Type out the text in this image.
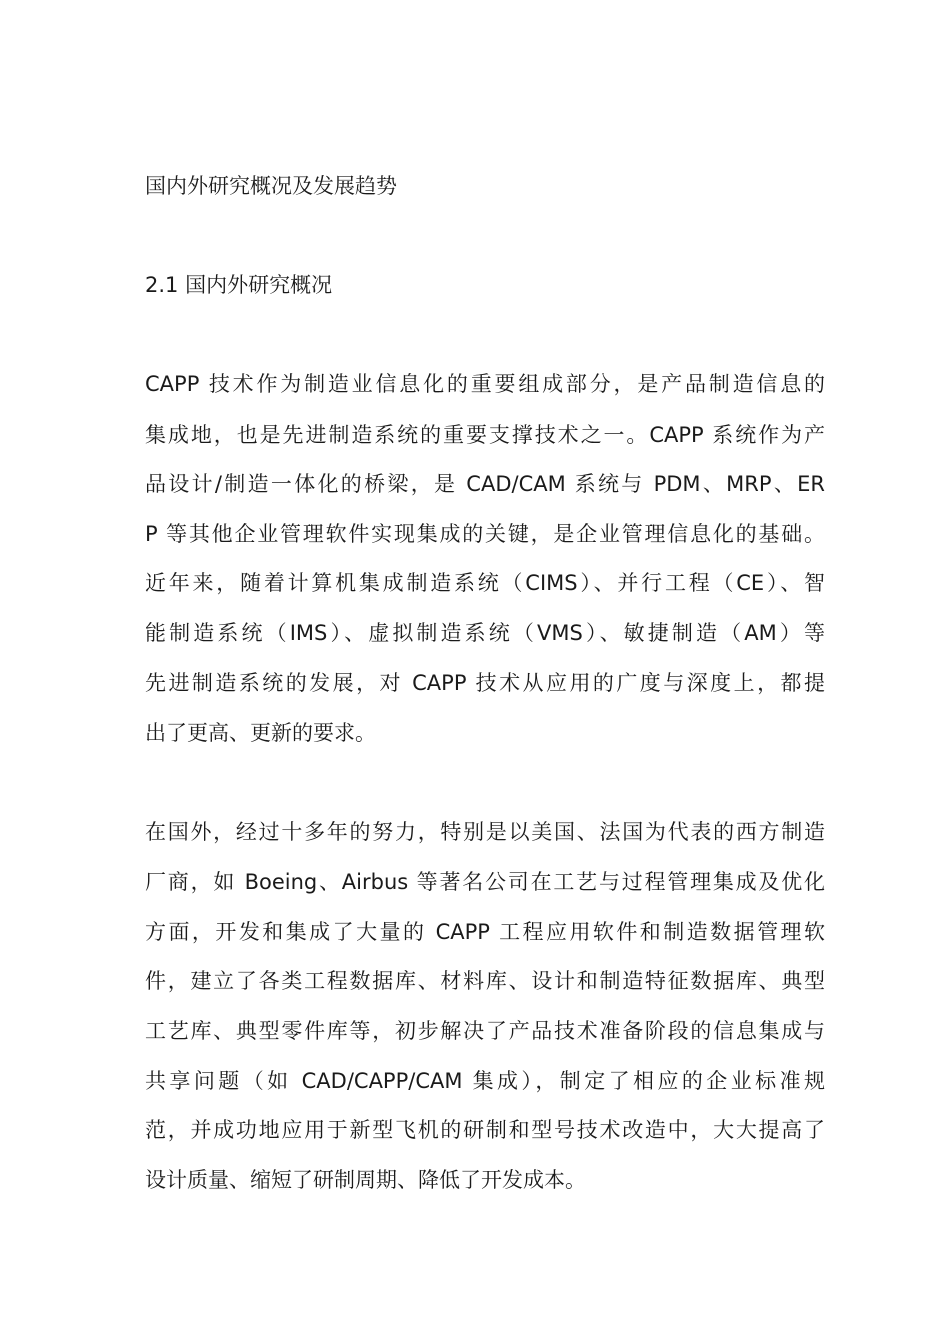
国内外研究概况及发展趋势
2.1 国内外研究概况
CAPP 技术作为制造业信息化的重要组成部分，是产品制造信息的
集成地，也是先进制造系统的重要支撑技术之一。CAPP 系统作为产
品设计/制造一体化的桥梁，是 CAD/CAM 系统与 PDM、MRP、ER
P 等其他企业管理软件实现集成的关键，是企业管理信息化的基础。
近年来，随着计算机集成制造系统（CIMS）、并行工程（CE）、智
能制造系统（IMS）、虚拟制造系统（VMS）、敏捷制造（AM）等
先进制造系统的发展，对 CAPP 技术从应用的广度与深度上，都提
出了更高、更新的要求。
在国外，经过十多年的努力，特别是以美国、法国为代表的西方制造
厂商，如 Boeing、Airbus 等著名公司在工艺与过程管理集成及优化
方面，开发和集成了大量的 CAPP 工程应用软件和制造数据管理软
件，建立了各类工程数据库、材料库、设计和制造特征数据库、典型
工艺库、典型零件库等，初步解决了产品技术准备阶段的信息集成与
共享问题（如 CAD/CAPP/CAM 集成），制定了相应的企业标准规
范，并成功地应用于新型飞机的研制和型号技术改造中，大大提高了
设计质量、缩短了研制周期、降低了开发成本。
